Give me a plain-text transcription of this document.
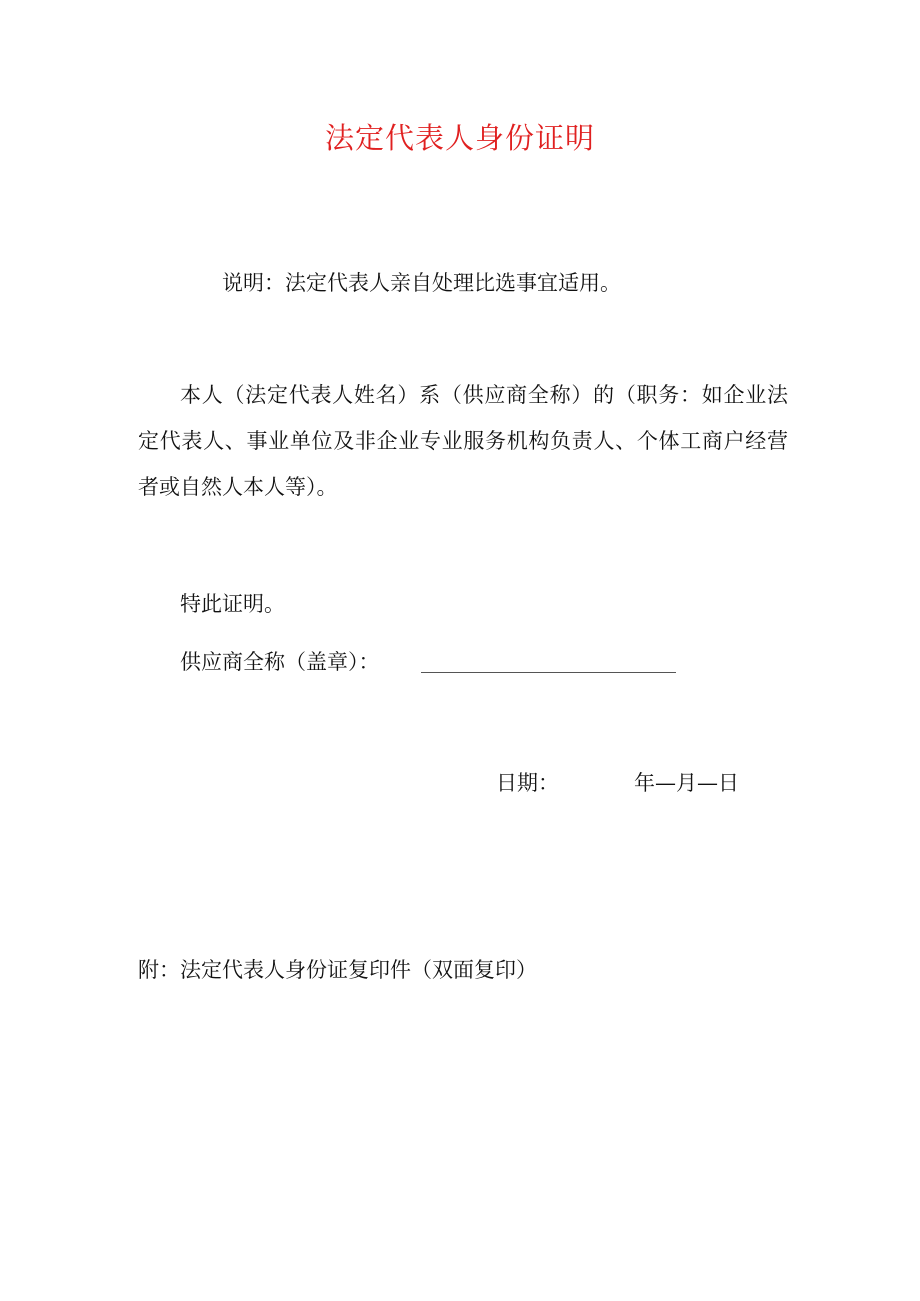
法定代表人身份证明
说明：法定代表人亲自处理比选事宜适用。
本人（法定代表人姓名）系（供应商全称）的（职务：如企业法定代表人、事业单位及非企业专业服务机构负责人、个体工商户经营者或自然人本人等）。
特此证明。
供应商全称（盖章）：
日期：	年—月—日
附：法定代表人身份证复印件（双面复印）
